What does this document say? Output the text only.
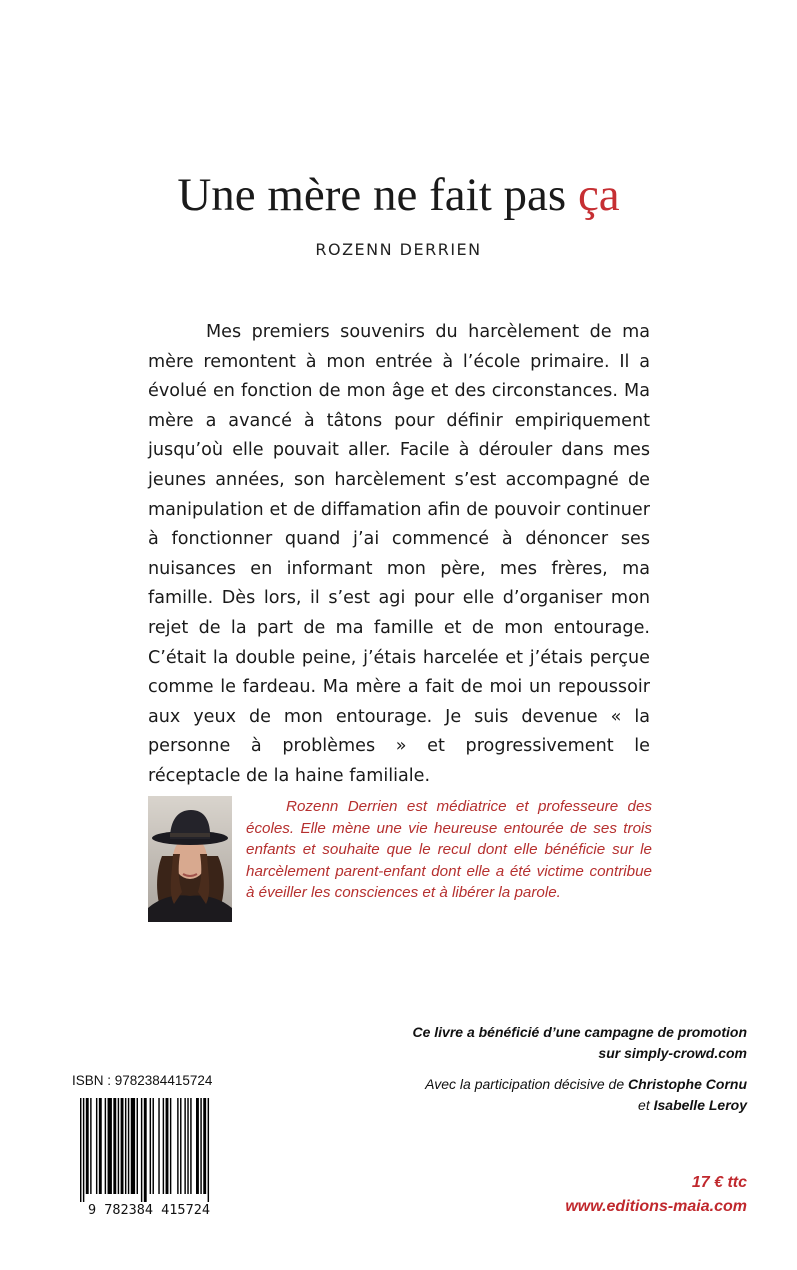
Une mère ne fait pas ça
ROZENN DERRIEN

Mes premiers souvenirs du harcèlement de ma mère remontent à mon entrée à l’école primaire. Il a évolué en fonction de mon âge et des circonstances. Ma mère a avancé à tâtons pour définir empiriquement jusqu’où elle pouvait aller. Facile à dérouler dans mes jeunes années, son harcèlement s’est accompagné de manipulation et de diffamation afin de pouvoir continuer à fonctionner quand j’ai commencé à dénoncer ses nuisances en informant mon père, mes frères, ma famille. Dès lors, il s’est agi pour elle d’organiser mon rejet de la part de ma famille et de mon entourage. C’était la double peine, j’étais harcelée et j’étais perçue comme le fardeau. Ma mère a fait de moi un repoussoir aux yeux de mon entourage. Je suis devenue « la personne à problèmes » et progressivement le réceptacle de la haine familiale.

Rozenn Derrien est médiatrice et professeure des écoles. Elle mène une vie heureuse entourée de ses trois enfants et souhaite que le recul dont elle bénéficie sur le harcèlement parent-enfant dont elle a été victime contribue à éveiller les consciences et à libérer la parole.

Ce livre a bénéficié d’une campagne de promotion
sur simply-crowd.com

Avec la participation décisive de Christophe Cornu
et Isabelle Leroy

ISBN : 9782384415724
9 782384 415724
17 € ttc
www.editions-maia.com
